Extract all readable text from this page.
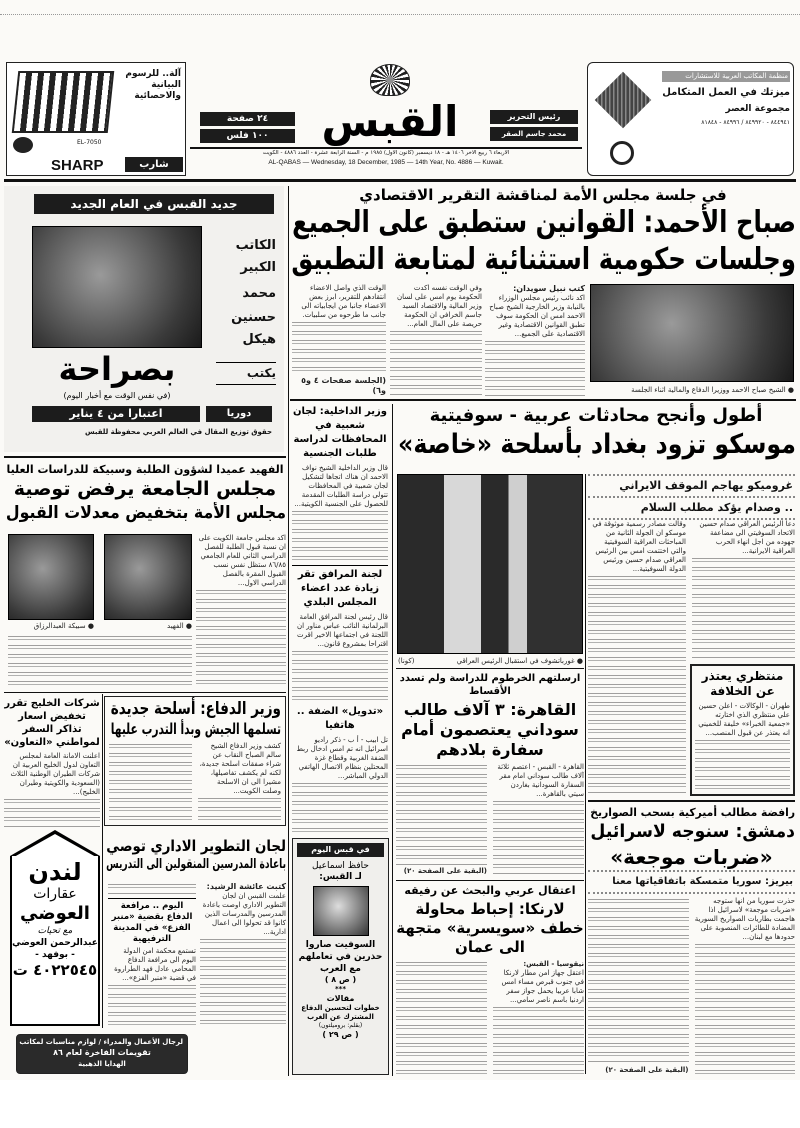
آلة.. للرسوم البيانية والاحصائية
EL-7050
SHARP	شارب
٢٤ صفحة
١٠٠ فلس	القبس	رئيس التحرير
محمد جاسم الصقر
الاربعاء ٦ ربيع الاخر ١٤٠٦ هـ - ١٨ ديسمبر (كانون الاول) ١٩٨٥ م - السنة الرابعة عشرة - العدد ٤٨٨٦ - الكويت
AL-QABAS — Wednesday, 18 December, 1985 — 14th Year, No. 4886 — Kuwait.
منظمة المكاتب العربية للاستشارات
ميزتك في العمل المتكامل
مجموعة العصر
٨٤٤٩٤١ - ٨٤٩٩٢٠ / ٨٤٩٩٦ - ٨١٨٤٨
جديد القبس في العام الجديد
الكاتب
الكبير
محمد
حسنين
هيكل
يكتب
بصراحة
(في نفس الوقت مع أخبار اليوم)
دوريا
اعتبارا من ٤ يناير
حقوق توزيع المقال في العالم العربي محفوظة للقبس
في جلسة مجلس الأمة لمناقشة التقرير الاقتصادي
صباح الأحمد: القوانين ستطبق على الجميع
وجلسات حكومية استثنائية لمتابعة التطبيق
● الشيخ صباح الاحمد ووزيرا الدفاع والمالية اثناء الجلسة
كتب نبيل سويدان:
اكد نائب رئيس مجلس الوزراء بالنيابة وزير الخارجية الشيخ صباح الاحمد امس ان الحكومة سوف تطبق القوانين الاقتصادية وغير الاقتصادية على الجميع...
وفي الوقت نفسه اكدت الحكومة يوم امس على لسان وزير المالية والاقتصاد السيد جاسم الخرافي ان الحكومة حريصة على المال العام...
الوقت الذي واصل الاعضاء انتقادهم للتقرير، ابرز بعض الاعضاء جانبا من ايجابياته الى جانب ما طرحوه من سلبيات.
(الجلسة صفحات ٤ و٥ و٦)
وزير الداخلية: لجان شعبية في المحافظات لدراسة طلبات الجنسية
قال وزير الداخلية الشيخ نواف الاحمد ان هناك اتجاها لتشكيل لجان شعبية في المحافظات تتولى دراسة الطلبات المقدمة للحصول على الجنسية الكويتية...
لجنة المرافق تقر زيادة عدد اعضاء المجلس البلدي
قال رئيس لجنة المرافق العامة البرلمانية النائب عباس مناور ان اللجنة في اجتماعها الاخير اقرت اقتراحا بمشروع قانون...
«تدويل» الضفة .. هاتفيا
تل ابيب - أ ب - ذكر راديو اسرائيل انه تم امس ادخال ربط الضفة الغربية وقطاع غزة المحتلين بنظام الاتصال الهاتفي الدولي المباشر...
في قبس اليوم
حافظ اسماعيل
لـ القبس:
السوفيت صاروا حذرين في تعاملهم مع العرب
( ص ٨ )
***
مقالات
خطوات لتحسين الدفاع المشترك عن الغرب
(بقلم: بروميلتون)
( ص ٢٩ )
أطول وأنجح محادثات عربية - سوفيتية
موسكو تزود بغداد بأسلحة «خاصة»
● غورباتشوف في استقبال الرئيس العراقي
(كونا)
غروميكو يهاجم الموقف الايراني
.. وصدام يؤكد مطلب السلام
دعا الرئيس العراقي صدام حسين الاتحاد السوفيتي الى مضاعفة جهوده من اجل انهاء الحرب العراقية الايرانية...
وقالت مصادر رسمية موثوقة في موسكو ان الجولة الثانية من المباحثات العراقية السوفيتية والتي اختتمت امس بين الرئيس العراقي صدام حسين ورئيس الدولة السوفيتية...
منتظري يعتذر عن الخلافة
طهران - الوكالات - اعلن حسين علي منتظري الذي اختارته «جمعية الخبراء» خليفة للخميني انه يعتذر عن قبول المنصب...
ارسلتهم الخرطوم للدراسة ولم تسدد الأقساط
القاهرة: ٣ آلاف طالب سوداني يعتصمون أمام سفارة بلادهم
القاهرة - القبس - اعتصم ثلاثة آلاف طالب سوداني امام مقر السفارة السودانية بغاردن سيتي بالقاهرة...
(البقية على الصفحة ٢٠)
رافضة مطالب أميركية بسحب الصواريخ
دمشق: سنوجه لاسرائيل
«ضربات موجعة»
بيريز: سوريا متمسكة باتفاقياتها معنا
حذرت سوريا من انها ستوجه «ضربات موجعة» لاسرائيل اذا هاجمت بطاريات الصواريخ السورية المضادة للطائرات المنصوبة على حدودها مع لبنان...
(البقية على الصفحة ٢٠)
اعتقال عربي والبحث عن رفيقه
لارنكا: إحباط محاولة خطف «سويسرية» متجهة الى عمان
نيقوسيا - القبس:
اعتقل جهاز امن مطار لارنكا في جنوب قبرص مساء امس شابا عربيا يحمل جواز سفر اردنيا باسم ناصر سامي...
الفهيد عميدا لشؤون الطلبة وسبيكة للدراسات العليا
مجلس الجامعة يرفض توصية
مجلس الأمة بتخفيض معدلات القبول
● الفهيد
● سبيكة العبدالرزاق
اكد مجلس جامعة الكويت على ان نسبة قبول الطلبة للفصل الدراسي الثاني للعام الجامعي ٨٦/٨٥ ستظل نفس نسب القبول المقرة بالفصل الدراسي الاول...
شركات الخليج تقرر تخفيض اسعار تذاكر السفر لمواطني «التعاون»
اعلنت الامانة العامة لمجلس التعاون لدول الخليج العربية ان شركات الطيران الوطنية الثلاث (السعودية والكويتية وطيران الخليج)...
وزير الدفاع: أسلحة جديدة
تسلمها الجيش وبدأ التدرب عليها
كشف وزير الدفاع الشيخ سالم الصباح النقاب عن شراء صفقات اسلحة جديدة، لكنه لم يكشف تفاصيلها، مشيرا الى ان الاسلحة وصلت الكويت...
لجان التطوير الاداري توصي
باعادة المدرسين المنقولين الى التدريس
كتبت عائشة الرشيد:
علمت القبس ان لجان التطوير الاداري اوصت باعادة المدرسين والمدرسات الذين كانوا قد تحولوا الى اعمال ادارية...
اليوم .. مرافعة الدفاع بقضية «منبر الفزع» في المدينة الترفيهية
تستمع محكمة امن الدولة اليوم الى مرافعة الدفاع المحامي عادل فهد الطراروة في قضية «منبر الفزع»...
لندن
عقارات
العوضي
مع تحيات
عبدالرحمن العوضي
- بوفهد -
٤٠٢٢٥٤٥ ت
لرجال الأعمال والمدراء / لوازم مناسبات لمكاتب
تقويمات الفاخرة لعام ٨٦
الهدايا الذهبية
